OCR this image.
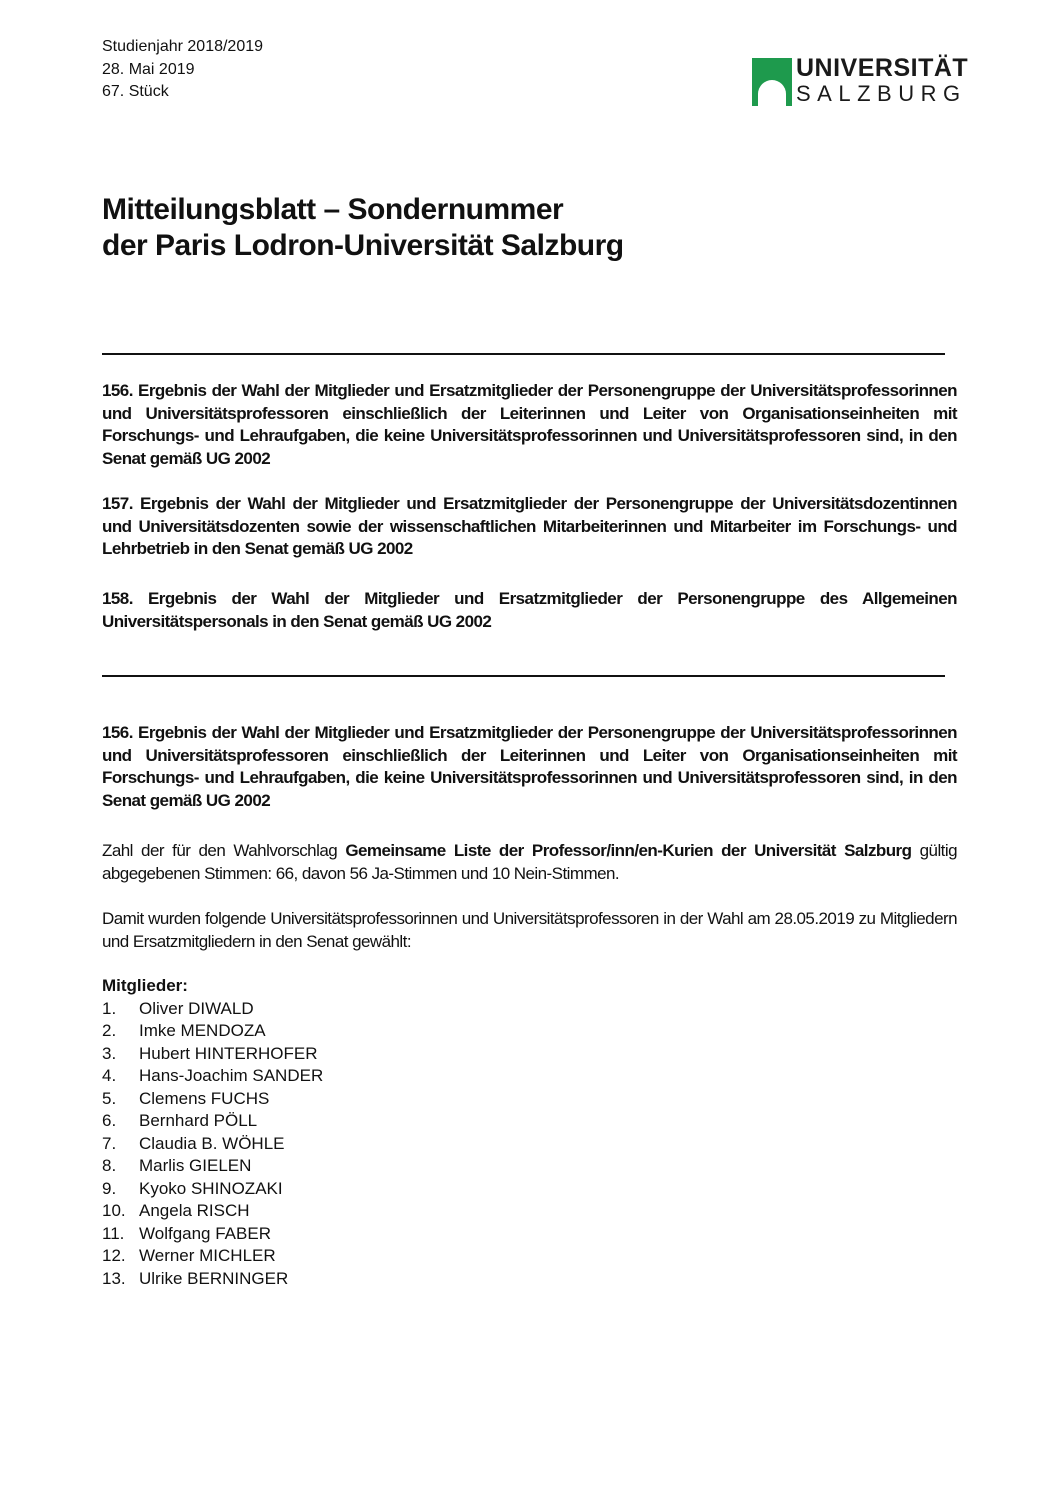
Studienjahr 2018/2019
28. Mai 2019
67. Stück
UNIVERSITÄT
SALZBURG
Mitteilungsblatt – Sondernummer
der Paris Lodron-Universität Salzburg
156. Ergebnis der Wahl der Mitglieder und Ersatzmitglieder der Personengruppe der Universitätsprofessorinnen und Universitätsprofessoren einschließlich der Leiterinnen und Leiter von Organisationseinheiten mit Forschungs- und Lehraufgaben, die keine Universitätsprofessorinnen und Universitätsprofessoren sind, in den Senat gemäß UG 2002
157. Ergebnis der Wahl der Mitglieder und Ersatzmitglieder der Personengruppe der Universitätsdozentinnen und Universitätsdozenten sowie der wissenschaftlichen Mitarbeiterinnen und Mitarbeiter im Forschungs- und Lehrbetrieb in den Senat gemäß UG 2002
158. Ergebnis der Wahl der Mitglieder und Ersatzmitglieder der Personengruppe des Allgemeinen Universitätspersonals in den Senat gemäß UG 2002
156. Ergebnis der Wahl der Mitglieder und Ersatzmitglieder der Personengruppe der Universitätsprofessorinnen und Universitätsprofessoren einschließlich der Leiterinnen und Leiter von Organisationseinheiten mit Forschungs- und Lehraufgaben, die keine Universitätsprofessorinnen und Universitätsprofessoren sind, in den Senat gemäß UG 2002
Zahl der für den Wahlvorschlag Gemeinsame Liste der Professor/inn/en-Kurien der Universität Salzburg gültig abgegebenen Stimmen: 66, davon 56 Ja-Stimmen und 10 Nein-Stimmen.
Damit wurden folgende Universitätsprofessorinnen und Universitätsprofessoren in der Wahl am 28.05.2019 zu Mitgliedern und Ersatzmitgliedern in den Senat gewählt:
Mitglieder:
1.	Oliver DIWALD
2.	Imke MENDOZA
3.	Hubert HINTERHOFER
4.	Hans-Joachim SANDER
5.	Clemens FUCHS
6.	Bernhard PÖLL
7.	Claudia B. WÖHLE
8.	Marlis GIELEN
9.	Kyoko SHINOZAKI
10. Angela RISCH
11. Wolfgang FABER
12. Werner MICHLER
13. Ulrike BERNINGER
